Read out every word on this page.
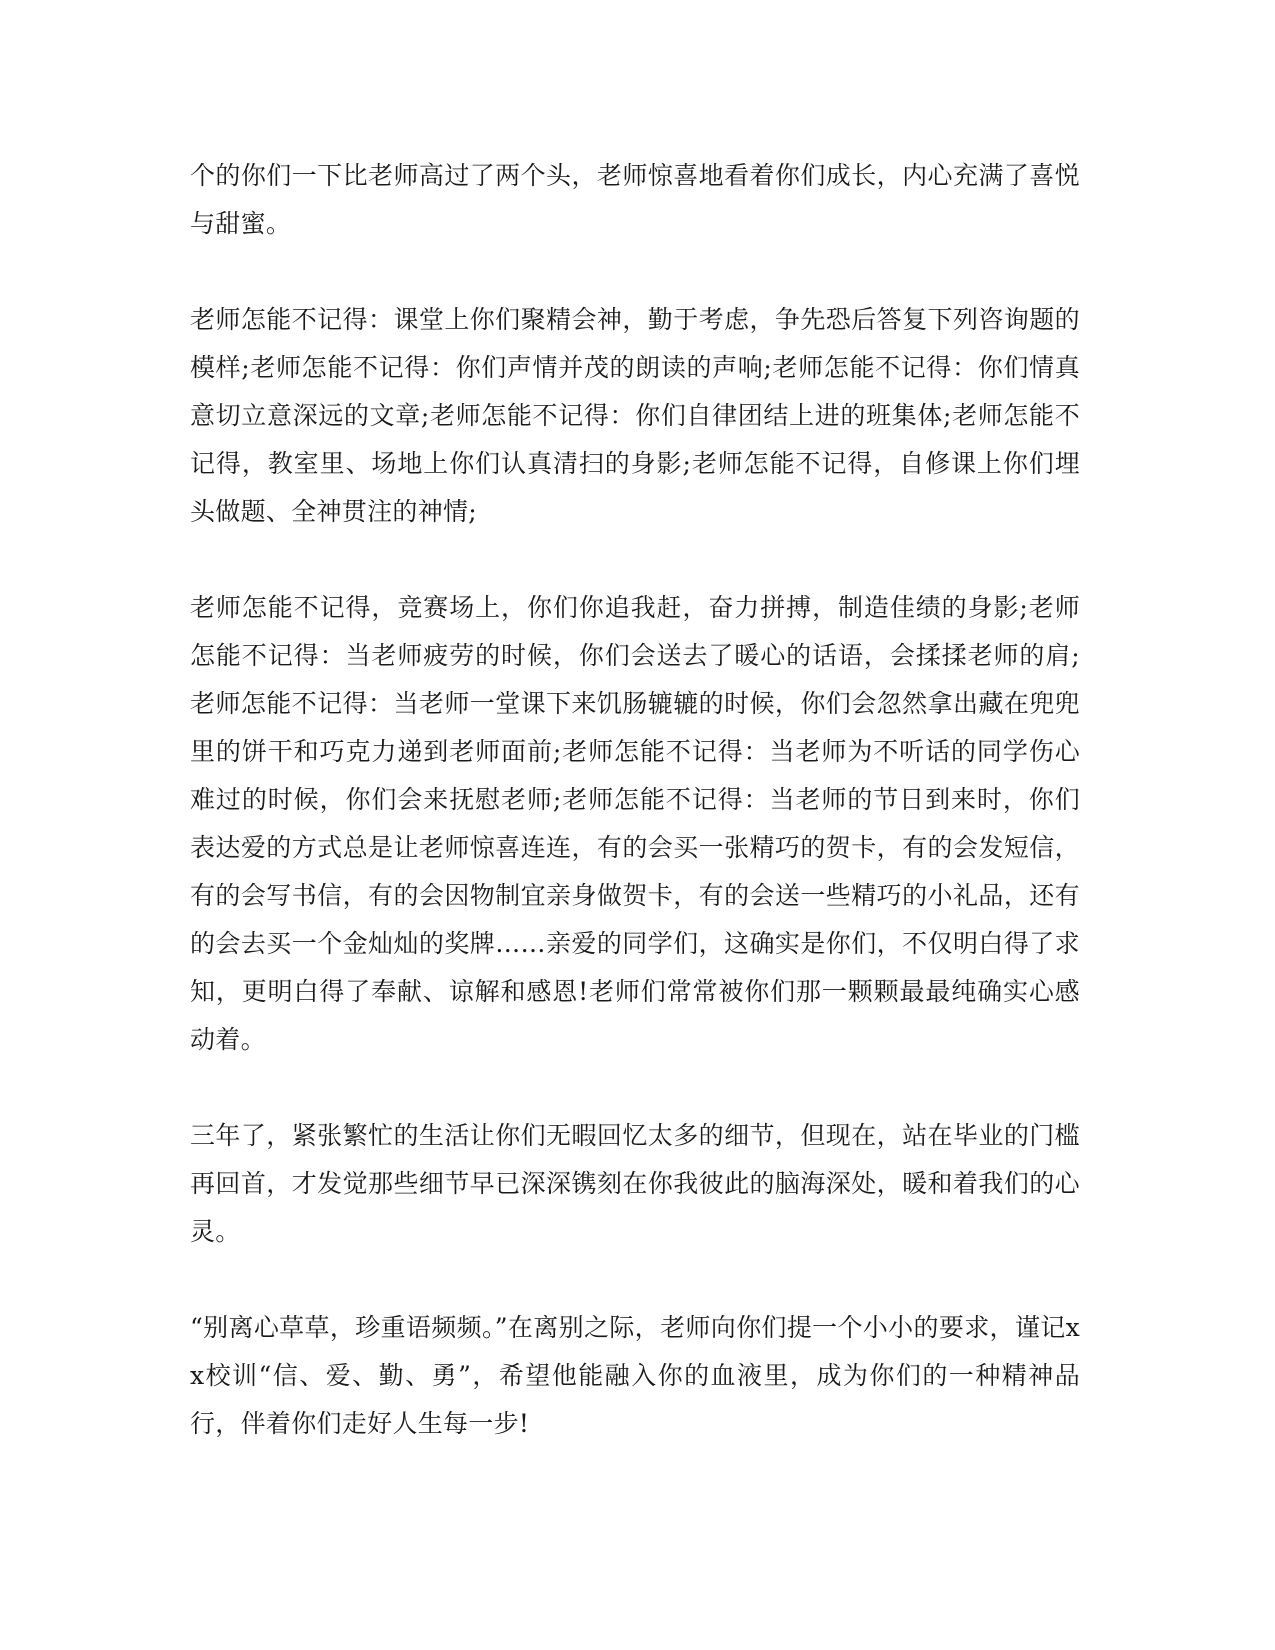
个的你们一下比老师高过了两个头，老师惊喜地看着你们成长，内心充满了喜悦与甜蜜。

老师怎能不记得：课堂上你们聚精会神，勤于考虑，争先恐后答复下列咨询题的模样;老师怎能不记得：你们声情并茂的朗读的声响;老师怎能不记得：你们情真意切立意深远的文章;老师怎能不记得：你们自律团结上进的班集体;老师怎能不记得，教室里、场地上你们认真清扫的身影;老师怎能不记得，自修课上你们埋头做题、全神贯注的神情;

老师怎能不记得，竞赛场上，你们你追我赶，奋力拼搏，制造佳绩的身影;老师怎能不记得：当老师疲劳的时候，你们会送去了暖心的话语，会揉揉老师的肩;老师怎能不记得：当老师一堂课下来饥肠辘辘的时候，你们会忽然拿出藏在兜兜里的饼干和巧克力递到老师面前;老师怎能不记得：当老师为不听话的同学伤心难过的时候，你们会来抚慰老师;老师怎能不记得：当老师的节日到来时，你们表达爱的方式总是让老师惊喜连连，有的会买一张精巧的贺卡，有的会发短信，有的会写书信，有的会因物制宜亲身做贺卡，有的会送一些精巧的小礼品，还有的会去买一个金灿灿的奖牌……亲爱的同学们，这确实是你们，不仅明白得了求知，更明白得了奉献、谅解和感恩!老师们常常被你们那一颗颗最最纯确实心感动着。

三年了，紧张繁忙的生活让你们无暇回忆太多的细节，但现在，站在毕业的门槛再回首，才发觉那些细节早已深深镌刻在你我彼此的脑海深处，暖和着我们的心灵。

“别离心草草，珍重语频频。”在离别之际，老师向你们提一个小小的要求，谨记xx校训“信、爱、勤、勇”，希望他能融入你的血液里，成为你们的一种精神品行，伴着你们走好人生每一步!
